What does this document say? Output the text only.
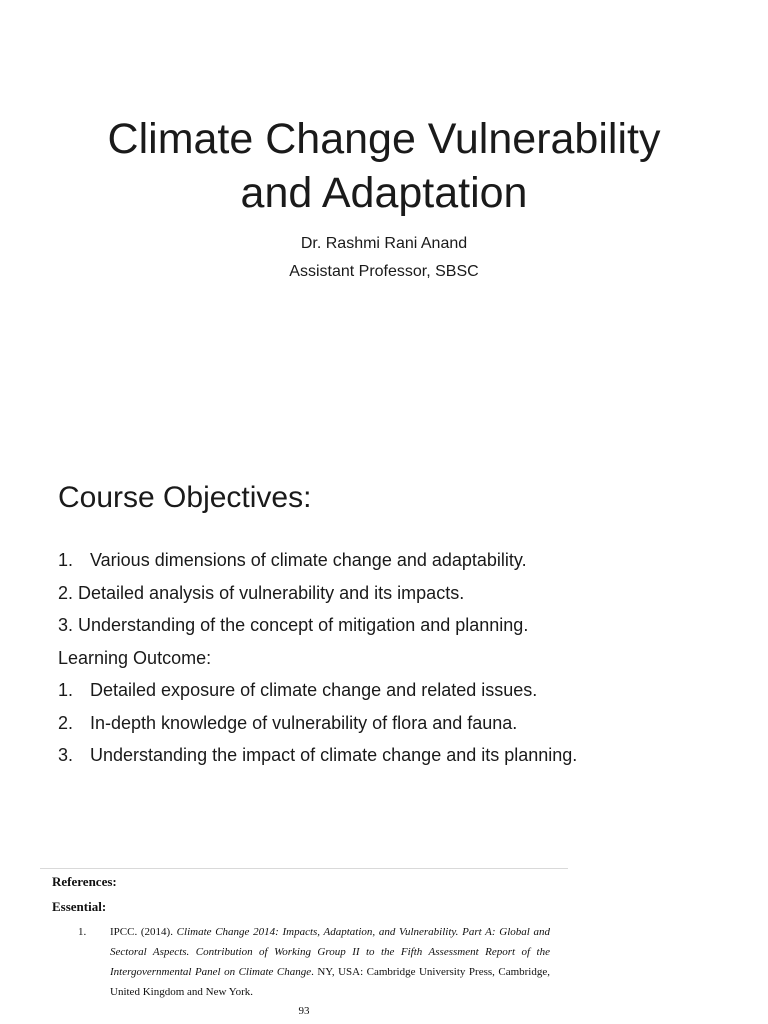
Climate Change Vulnerability
and Adaptation
Dr. Rashmi Rani Anand
Assistant Professor, SBSC
Course Objectives:
1. Various dimensions of climate change and adaptability.
2. Detailed analysis of vulnerability and its impacts.
3. Understanding of the concept of mitigation and planning.
Learning Outcome:
1. Detailed exposure of climate change and related issues.
2. In-depth knowledge of vulnerability of flora and fauna.
3. Understanding the impact of climate change and its planning.
References:
Essential:
1. IPCC. (2014). Climate Change 2014: Impacts, Adaptation, and Vulnerability. Part A: Global and Sectoral Aspects. Contribution of Working Group II to the Fifth Assessment Report of the Intergovernmental Panel on Climate Change. NY, USA: Cambridge University Press, Cambridge, United Kingdom and New York.

93
